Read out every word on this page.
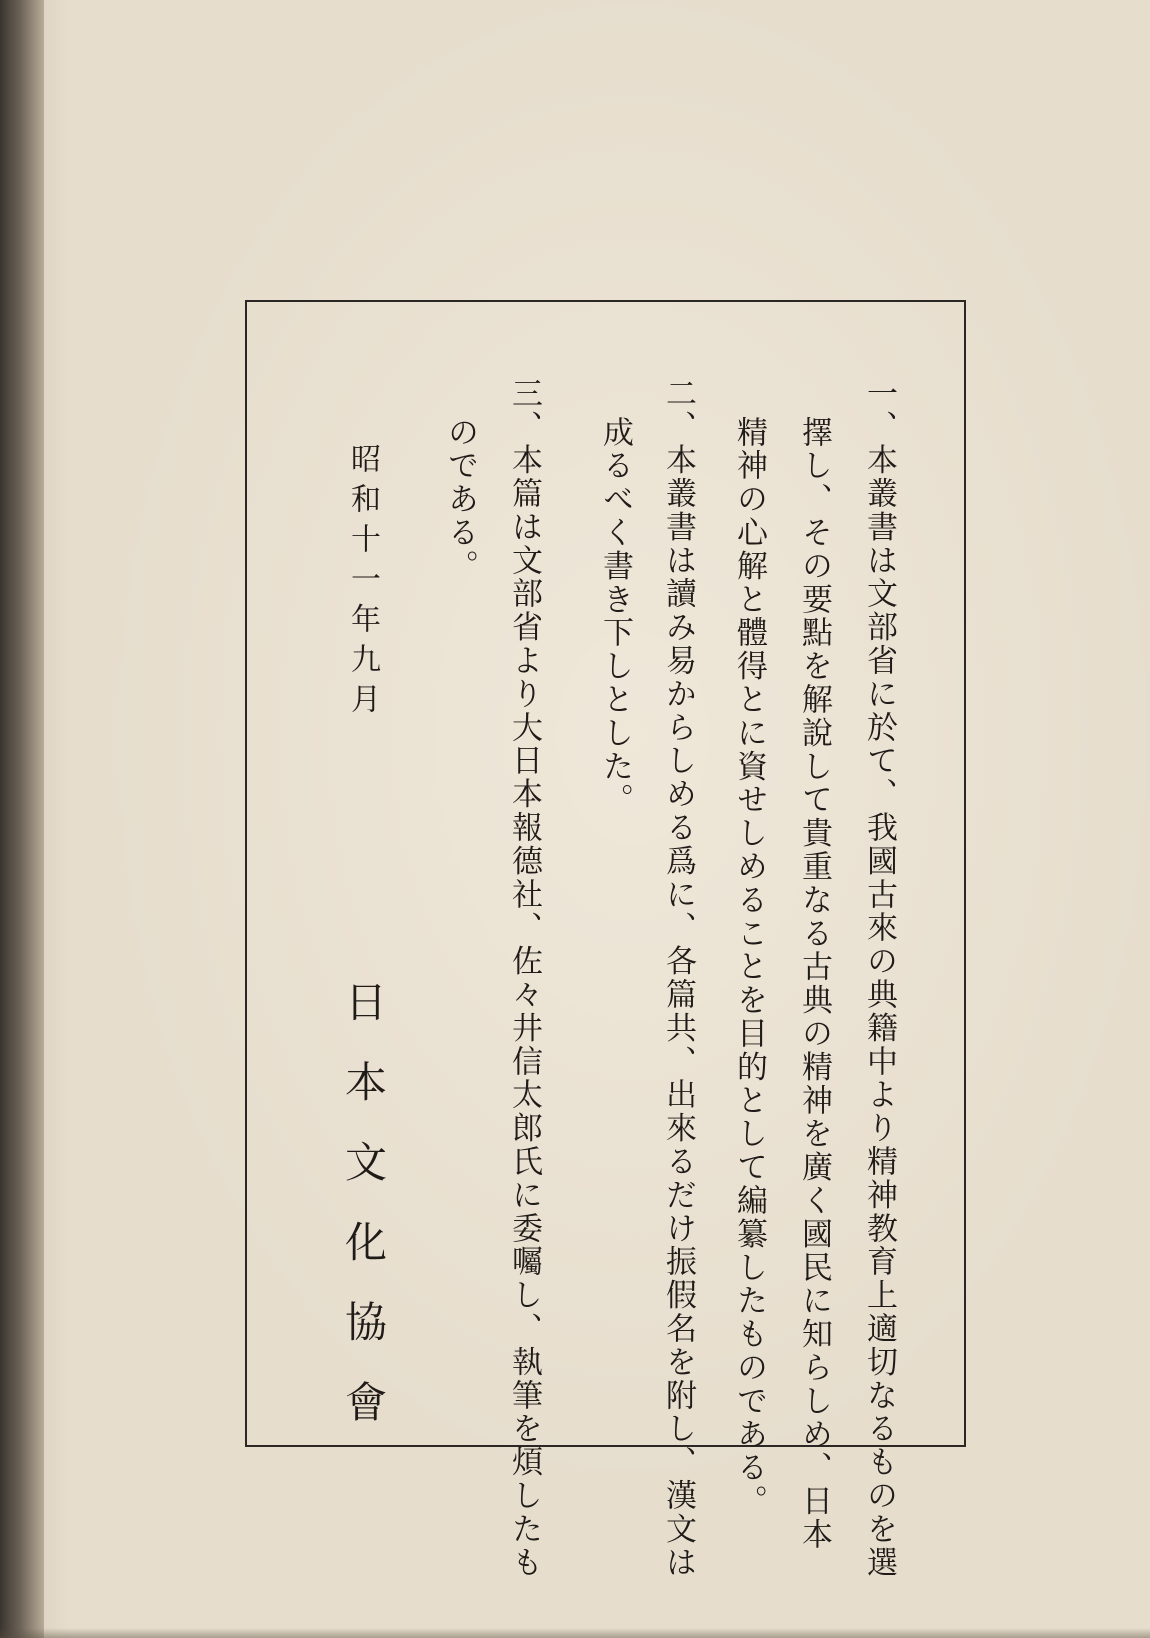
一、本叢書は文部省に於て、我國古來の典籍中より精神教育上適切なるものを選
擇し、その要點を解說して貴重なる古典の精神を廣く國民に知らしめ、日本
精神の心解と體得とに資せしめることを目的として編纂したものである。
二、本叢書は讀み易からしめる爲に、各篇共、出來るだけ振假名を附し、漢文は
成るべく書き下しとした。
三、本篇は文部省より大日本報德社、佐々井信太郎氏に委囑し、執筆を煩したも
のである。
昭和十一年九月
日本文化協會
